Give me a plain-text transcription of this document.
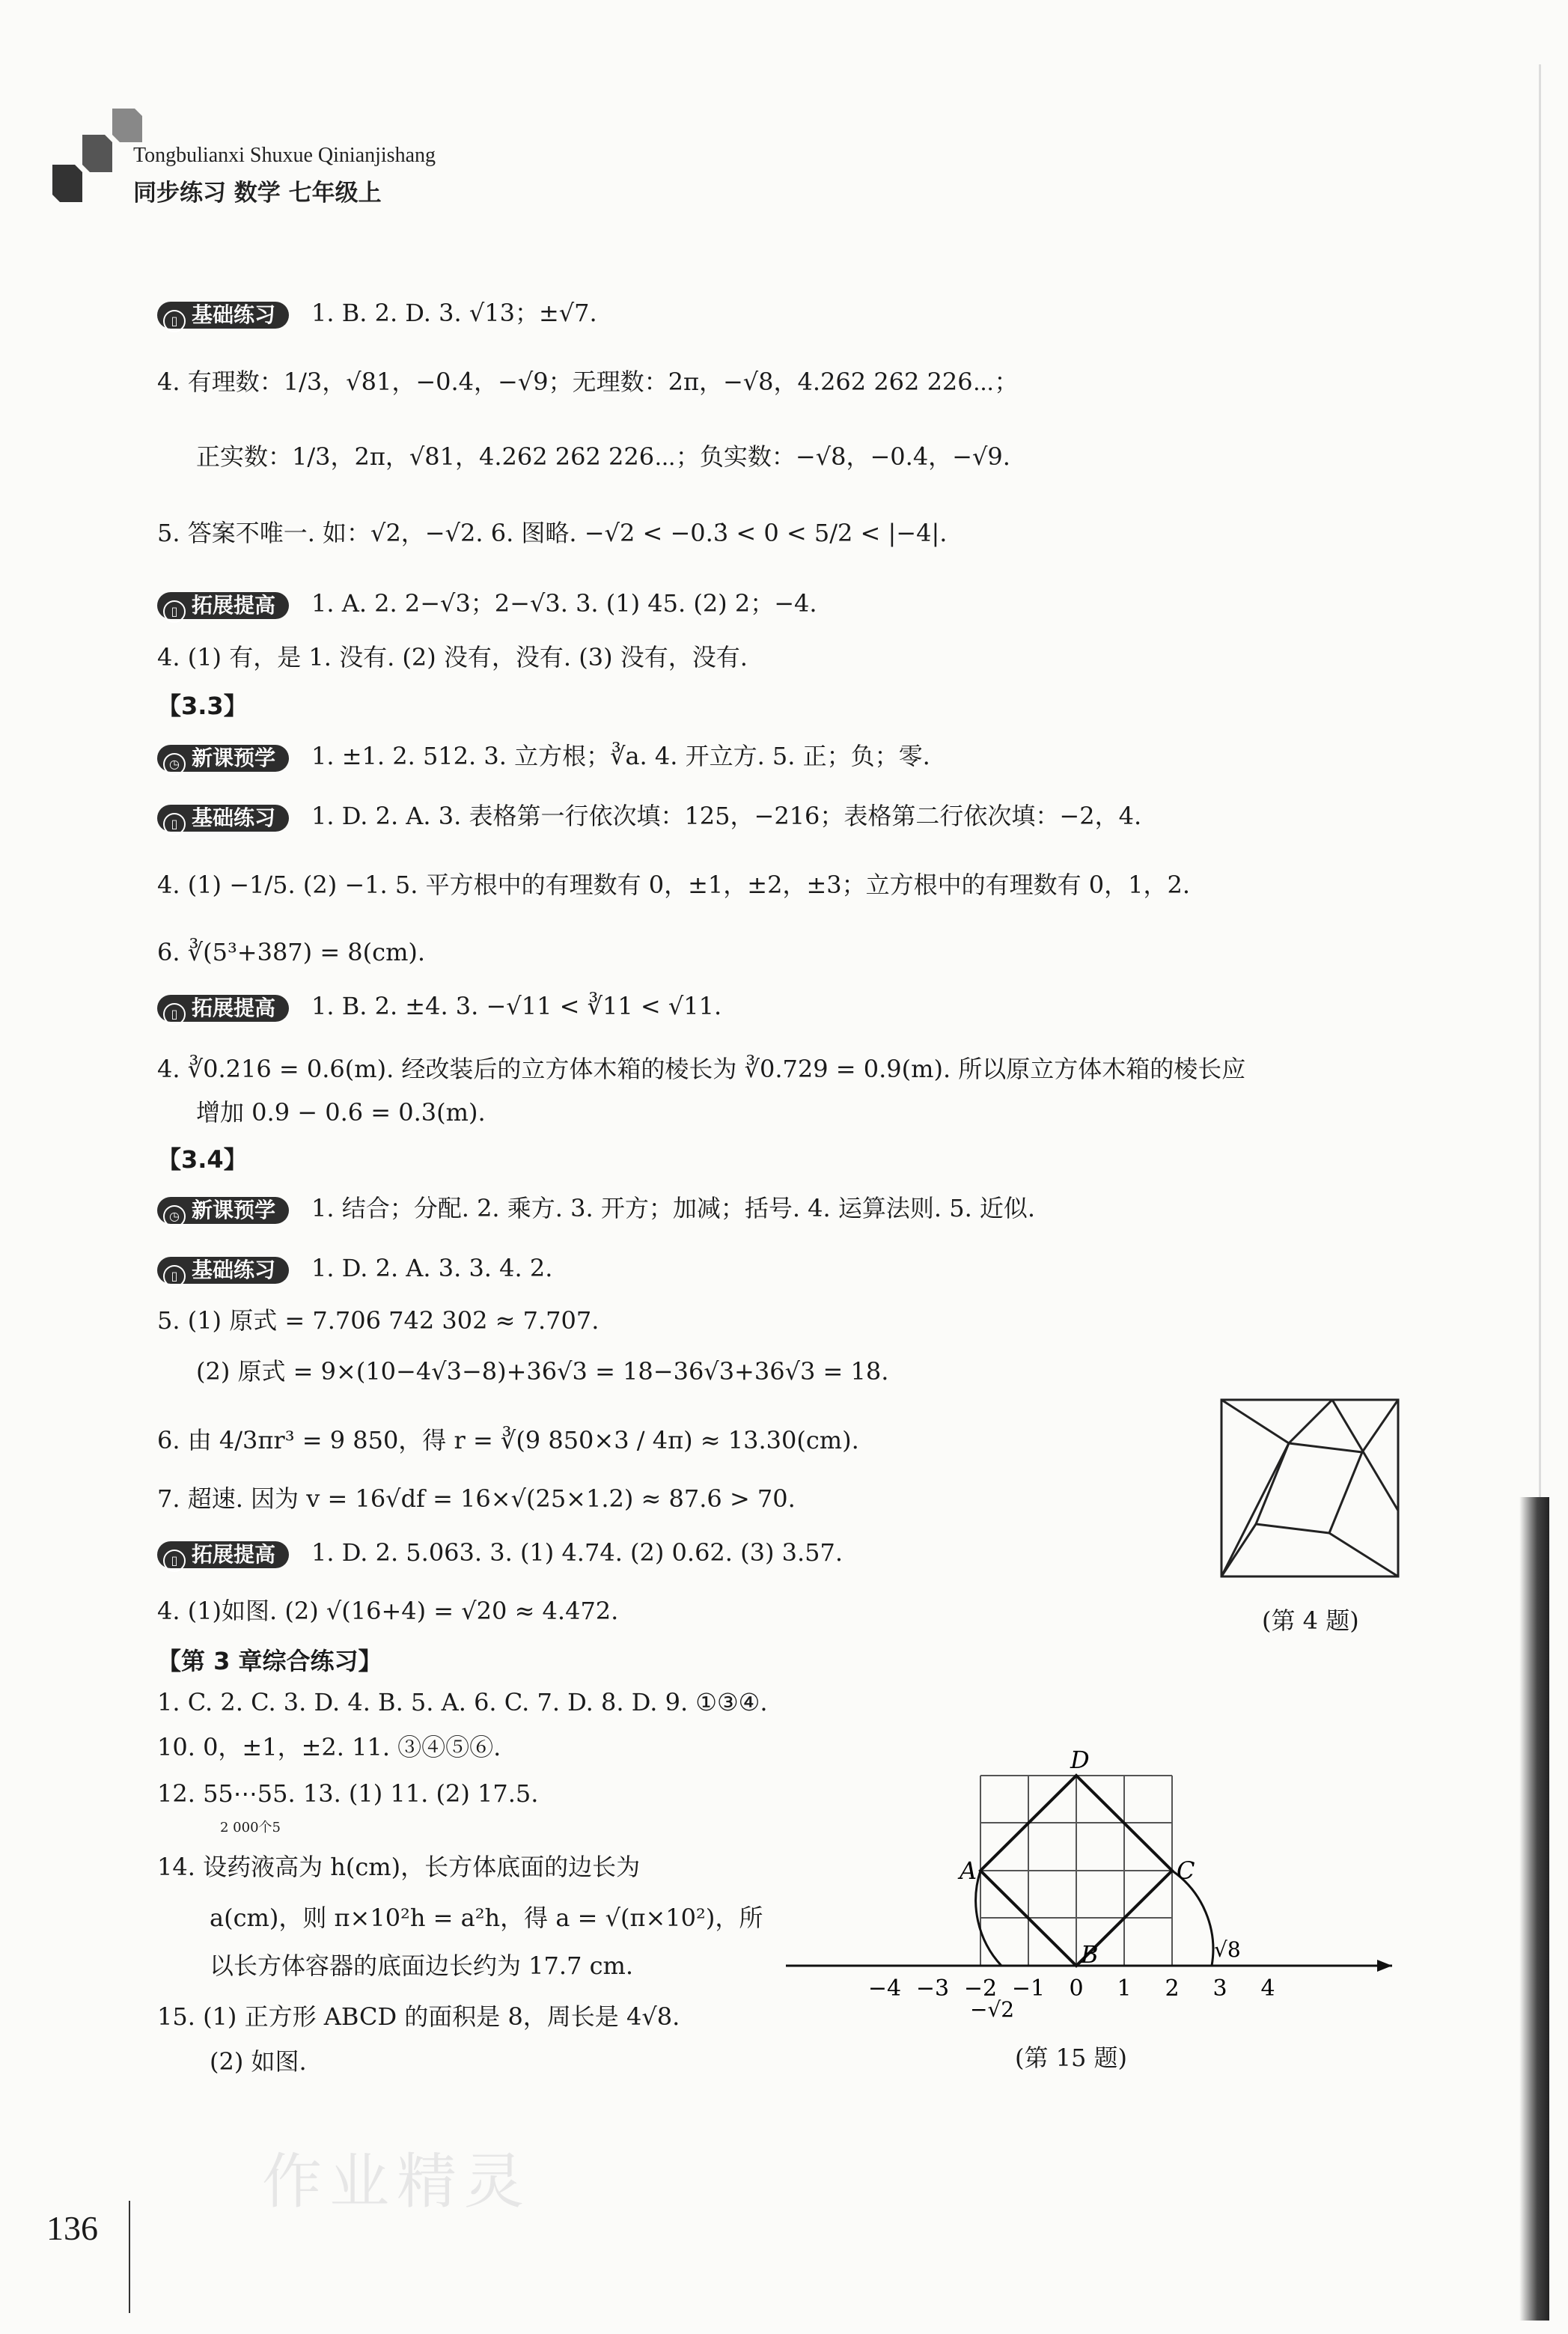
Tongbulianxi Shuxue Qinianjishang
同步练习 数学 七年级上
▯ 基础练习 1. B. 2. D. 3. √13；±√7.
4. 有理数：1/3，√81，−0.4̇，−√9；无理数：2π，−√8，4.262 262 226⋯；
正实数：1/3，2π，√81，4.262 262 226⋯；负实数：−√8，−0.4̇，−√9.
5. 答案不唯一. 如：√2，−√2. 6. 图略. −√2 < −0.3̇ < 0 < 5/2 < |−4|.
▯ 拓展提高 1. A. 2. 2−√3；2−√3. 3. (1) 45. (2) 2；−4.
4. (1) 有，是 1. 没有. (2) 没有，没有. (3) 没有，没有.
【3.3】
◷ 新课预学 1. ±1. 2. 512. 3. 立方根；∛a. 4. 开立方. 5. 正；负；零.
▯ 基础练习 1. D. 2. A. 3. 表格第一行依次填：125，−216；表格第二行依次填：−2，4.
4. (1) −1/5. (2) −1. 5. 平方根中的有理数有 0，±1，±2，±3；立方根中的有理数有 0，1，2.
6. ∛(5³+387) = 8(cm).
▯ 拓展提高 1. B. 2. ±4. 3. −√11 < ∛11 < √11.
4. ∛0.216 = 0.6(m). 经改装后的立方体木箱的棱长为 ∛0.729 = 0.9(m). 所以原立方体木箱的棱长应
增加 0.9 − 0.6 = 0.3(m).
【3.4】
◷ 新课预学 1. 结合；分配. 2. 乘方. 3. 开方；加减；括号. 4. 运算法则. 5. 近似.
▯ 基础练习 1. D. 2. A. 3. 3. 4. 2.
5. (1) 原式 = 7.706 742 302 ≈ 7.707.
(2) 原式 = 9×(10−4√3−8)+36√3 = 18−36√3+36√3 = 18.
6. 由 4/3πr³ = 9 850，得 r = ∛(9 850×3 / 4π) ≈ 13.30(cm).
7. 超速. 因为 v = 16√df = 16×√(25×1.2) ≈ 87.6 > 70.
▯ 拓展提高 1. D. 2. 5.063. 3. (1) 4.74. (2) 0.62. (3) 3.57.
4. (1)如图. (2) √(16+4) = √20 ≈ 4.472.	(第 4 题)
【第 3 章综合练习】
1. C. 2. C. 3. D. 4. B. 5. A. 6. C. 7. D. 8. D. 9. ①③④.
10. 0，±1，±2. 11. ③④⑤⑥.
12. 55⋯55. 13. (1) 11. (2) 17.5.
2 000个5
14. 设药液高为 h(cm)，长方体底面的边长为
a(cm)，则 π×10²h = a²h，得 a = √(π×10²)，所
以长方体容器的底面边长约为 17.7 cm.
15. (1) 正方形 ABCD 的面积是 8，周长是 4√8.
(2) 如图.
D
A	C
B	√8
−√2
−4 −3 −2 −1 0 1 2 3 4
(第 15 题)
作业精灵
136
